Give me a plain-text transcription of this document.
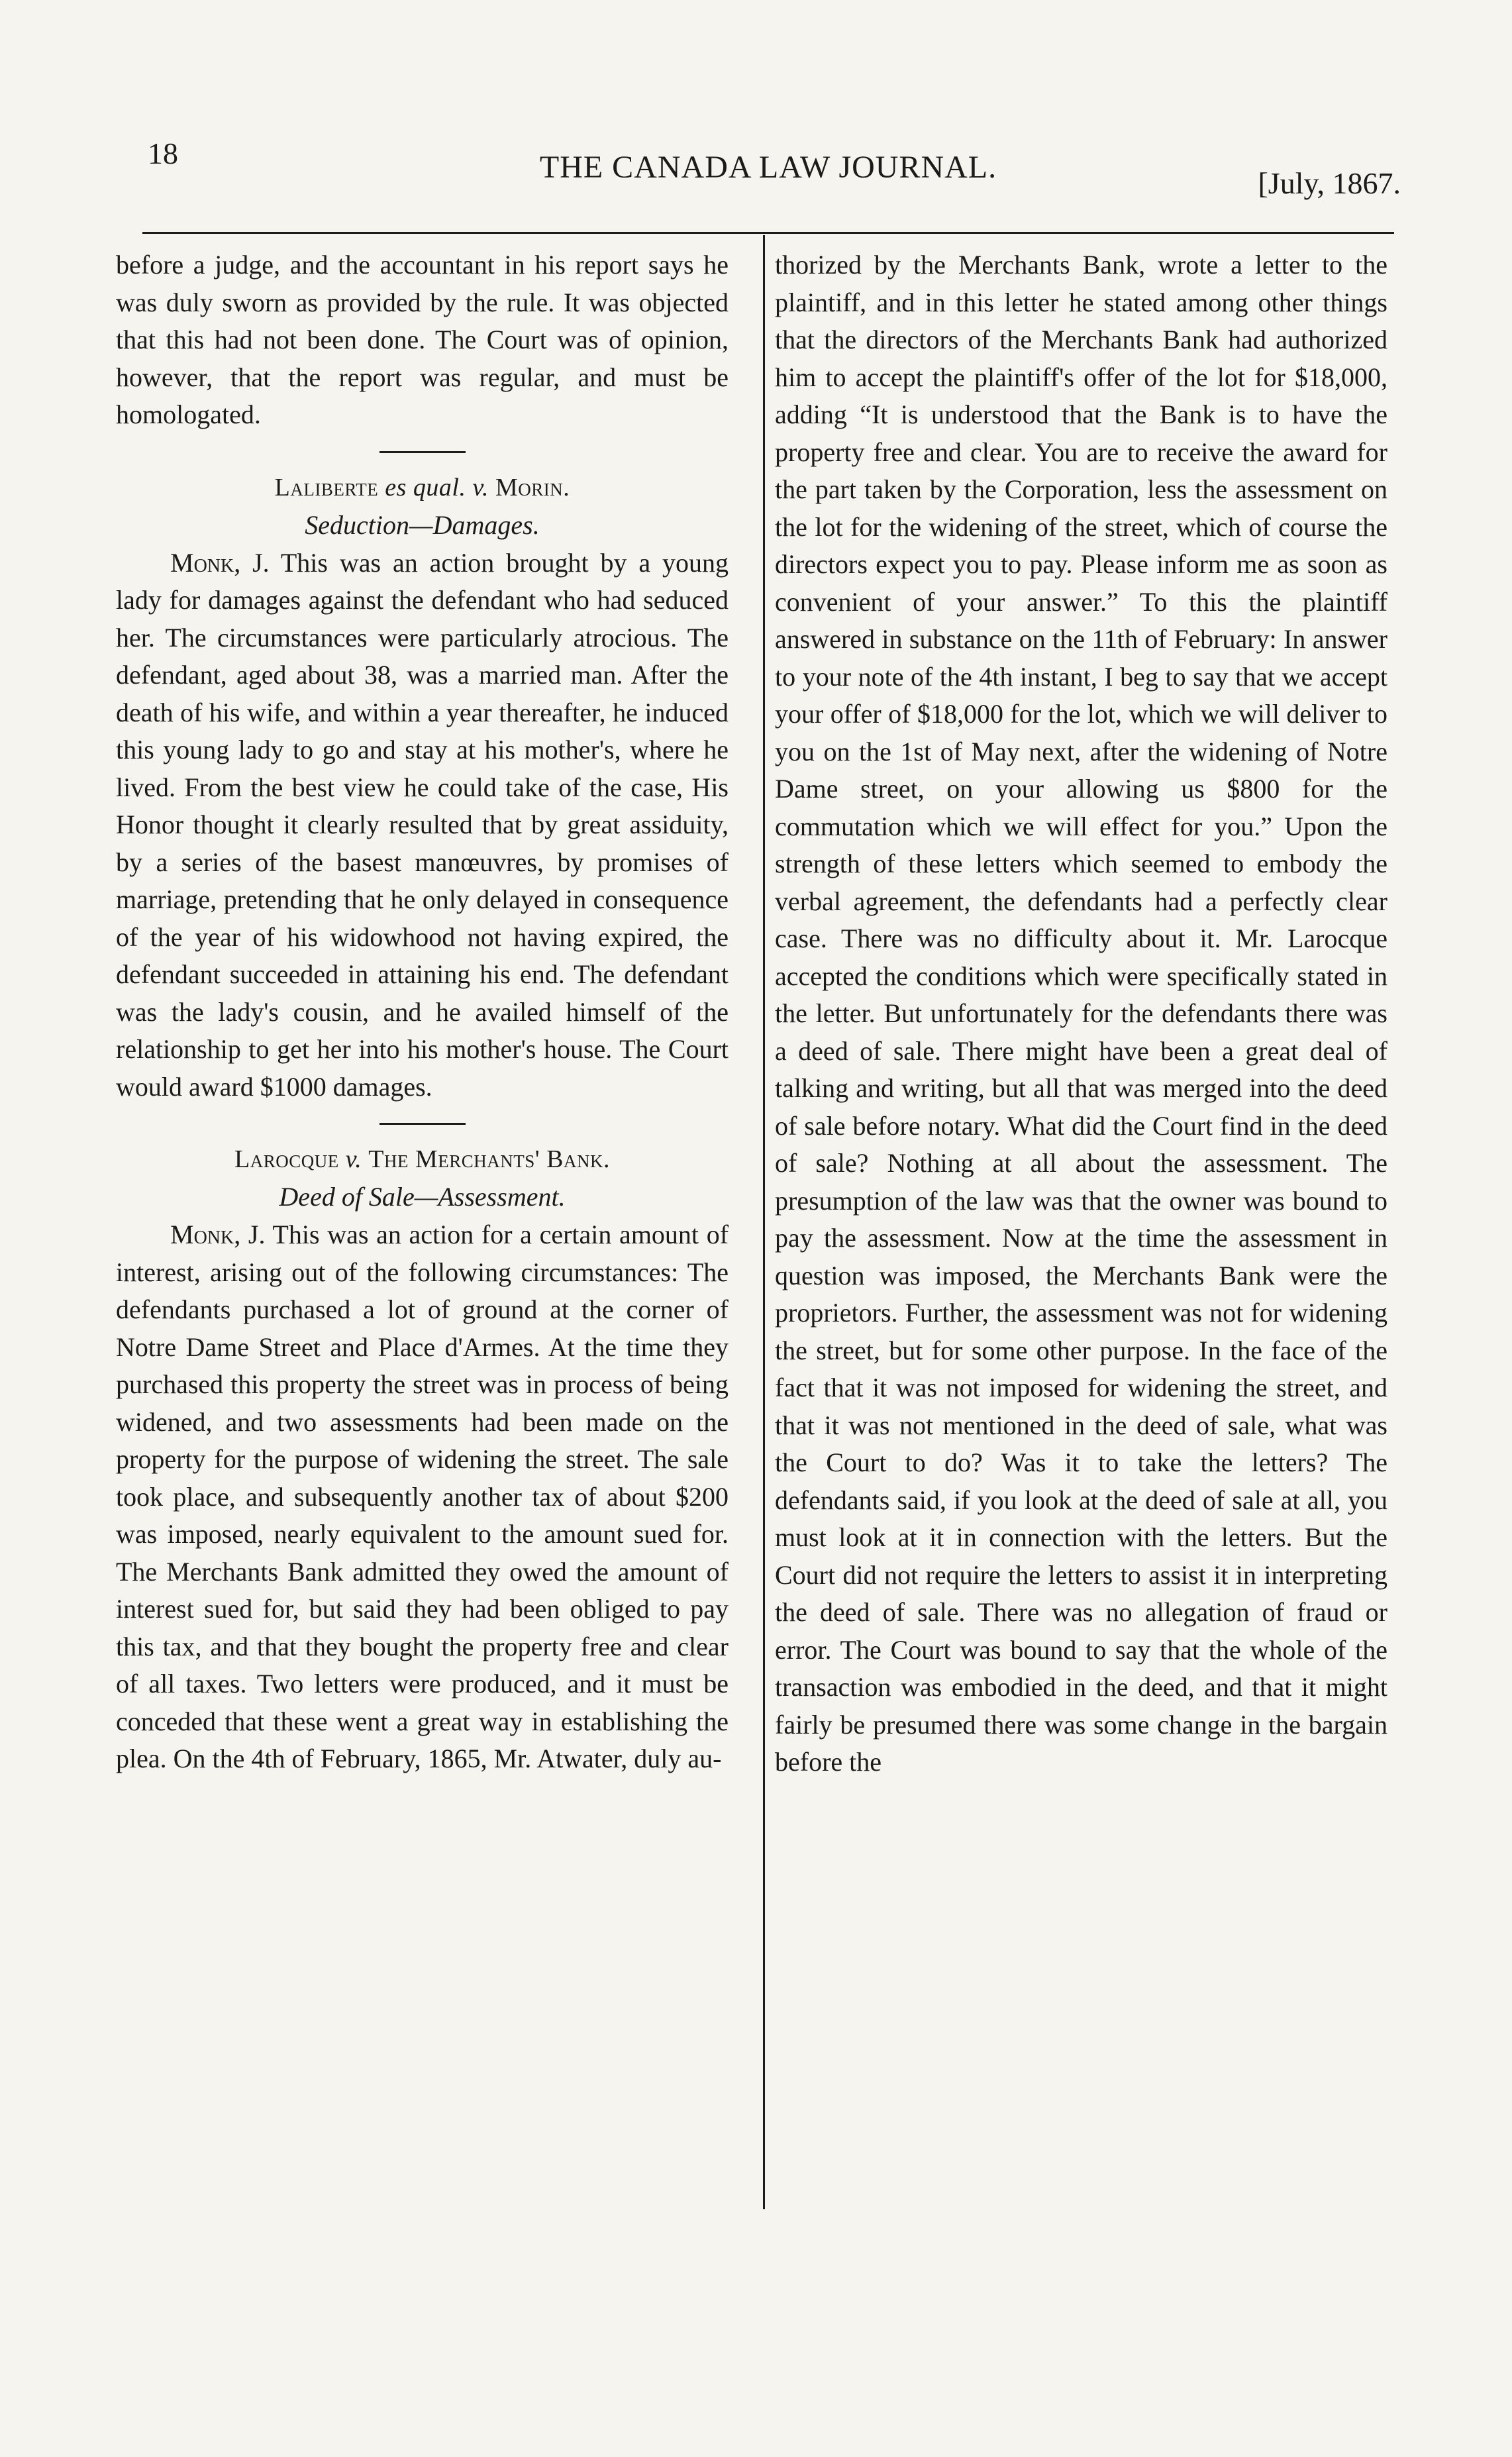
18	THE CANADA LAW JOURNAL.	[July, 1867.

before a judge, and the accountant in his report says he was duly sworn as provided by the rule. It was objected that this had not been done. The Court was of opinion, however, that the report was regular, and must be homologated.

Laliberte es qual. v. Morin.
Seduction—Damages.

Monk, J. This was an action brought by a young lady for damages against the defendant who had seduced her. The circumstances were particularly atrocious. The defendant, aged about 38, was a married man. After the death of his wife, and within a year thereafter, he induced this young lady to go and stay at his mother's, where he lived. From the best view he could take of the case, His Honor thought it clearly resulted that by great assiduity, by a series of the basest manœuvres, by promises of marriage, pretending that he only delayed in consequence of the year of his widowhood not having expired, the defendant succeeded in attaining his end. The defendant was the lady's cousin, and he availed himself of the relationship to get her into his mother's house. The Court would award $1000 damages.

Larocque v. The Merchants' Bank.
Deed of Sale—Assessment.

Monk, J. This was an action for a certain amount of interest, arising out of the following circumstances: The defendants purchased a lot of ground at the corner of Notre Dame Street and Place d'Armes. At the time they purchased this property the street was in process of being widened, and two assessments had been made on the property for the purpose of widening the street. The sale took place, and subsequently another tax of about $200 was imposed, nearly equivalent to the amount sued for. The Merchants Bank admitted they owed the amount of interest sued for, but said they had been obliged to pay this tax, and that they bought the property free and clear of all taxes. Two letters were produced, and it must be conceded that these went a great way in establishing the plea. On the 4th of February, 1865, Mr. Atwater, duly au-

thorized by the Merchants Bank, wrote a letter to the plaintiff, and in this letter he stated among other things that the directors of the Merchants Bank had authorized him to accept the plaintiff's offer of the lot for $18,000, adding “It is understood that the Bank is to have the property free and clear. You are to receive the award for the part taken by the Corporation, less the assessment on the lot for the widening of the street, which of course the directors expect you to pay. Please inform me as soon as convenient of your answer.” To this the plaintiff answered in substance on the 11th of February: In answer to your note of the 4th instant, I beg to say that we accept your offer of $18,000 for the lot, which we will deliver to you on the 1st of May next, after the widening of Notre Dame street, on your allowing us $800 for the commutation which we will effect for you.” Upon the strength of these letters which seemed to embody the verbal agreement, the defendants had a perfectly clear case. There was no difficulty about it. Mr. Larocque accepted the conditions which were specifically stated in the letter. But unfortunately for the defendants there was a deed of sale. There might have been a great deal of talking and writing, but all that was merged into the deed of sale before notary. What did the Court find in the deed of sale? Nothing at all about the assessment. The presumption of the law was that the owner was bound to pay the assessment. Now at the time the assessment in question was imposed, the Merchants Bank were the proprietors. Further, the assessment was not for widening the street, but for some other purpose. In the face of the fact that it was not imposed for widening the street, and that it was not mentioned in the deed of sale, what was the Court to do? Was it to take the letters? The defendants said, if you look at the deed of sale at all, you must look at it in connection with the letters. But the Court did not require the letters to assist it in interpreting the deed of sale. There was no allegation of fraud or error. The Court was bound to say that the whole of the transaction was embodied in the deed, and that it might fairly be presumed there was some change in the bargain before the
